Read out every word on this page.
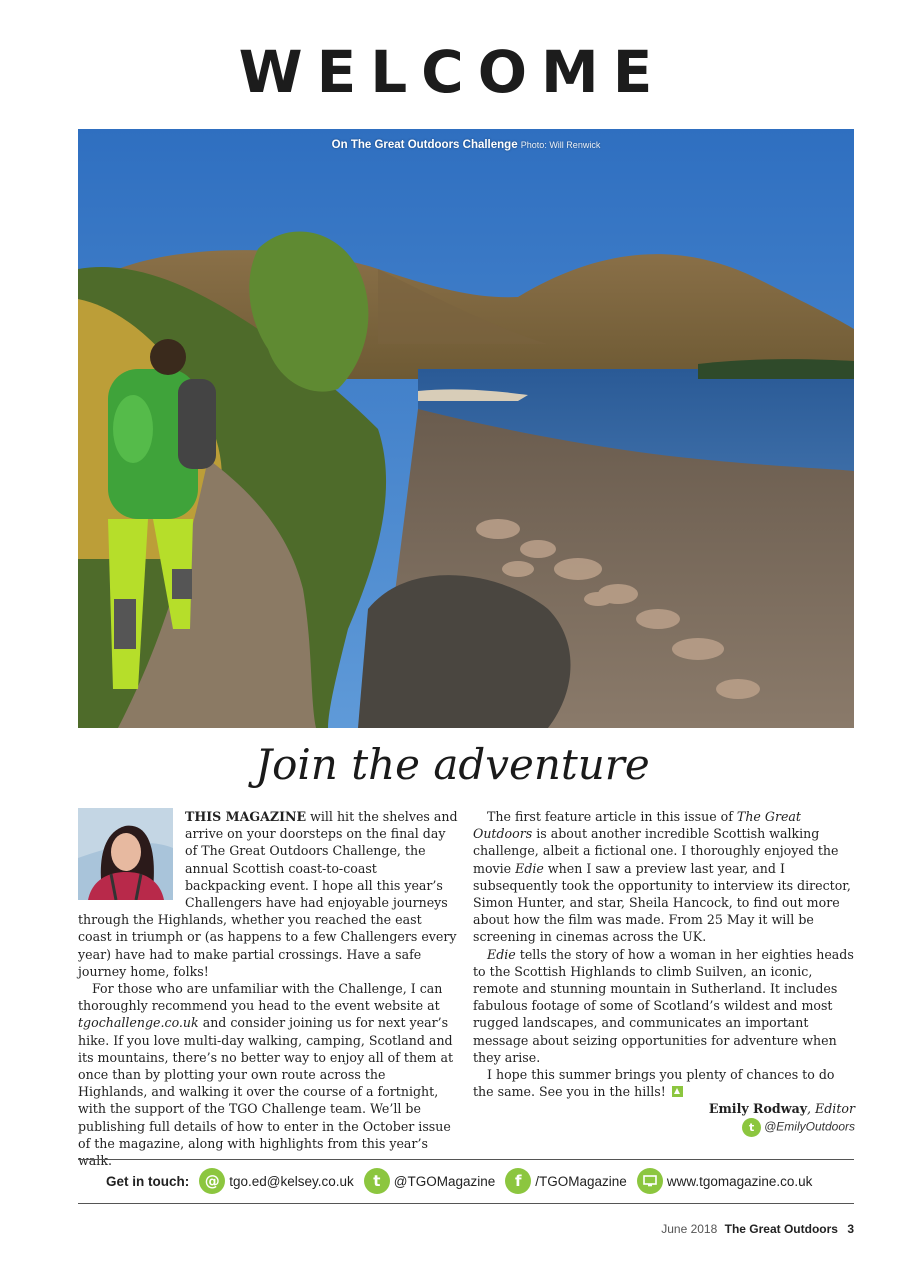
WELCOME
On The Great Outdoors Challenge Photo: Will Renwick
Join the adventure

THIS MAGAZINE will hit the shelves and arrive on your doorsteps on the final day of The Great Outdoors Challenge, the annual Scottish coast-to-coast backpacking event. I hope all this year’s Challengers have had enjoyable journeys through the Highlands, whether you reached the east coast in triumph or (as happens to a few Challengers every year) have had to make partial crossings. Have a safe journey home, folks!

For those who are unfamiliar with the Challenge, I can thoroughly recommend you head to the event website at tgochallenge.co.uk and consider joining us for next year’s hike. If you love multi-day walking, camping, Scotland and its mountains, there’s no better way to enjoy all of them at once than by plotting your own route across the Highlands, and walking it over the course of a fortnight, with the support of the TGO Challenge team. We’ll be publishing full details of how to enter in the October issue of the magazine, along with highlights from this year’s walk.

The first feature article in this issue of The Great Outdoors is about another incredible Scottish walking challenge, albeit a fictional one. I thoroughly enjoyed the movie Edie when I saw a preview last year, and I subsequently took the opportunity to interview its director, Simon Hunter, and star, Sheila Hancock, to find out more about how the film was made. From 25 May it will be screening in cinemas across the UK.

Edie tells the story of how a woman in her eighties heads to the Scottish Highlands to climb Suilven, an iconic, remote and stunning mountain in Sutherland. It includes fabulous footage of some of Scotland’s wildest and most rugged landscapes, and communicates an important message about seizing opportunities for adventure when they arise.

I hope this summer brings you plenty of chances to do the same. See you in the hills!

Emily Rodway, Editor

t @EmilyOutdoors

Get in touch:	@ tgo.ed@kelsey.co.uk	t @TGOMagazine	f	/TGOMagazine	www.tgomagazine.co.uk
June 2018 The Great Outdoors 3
